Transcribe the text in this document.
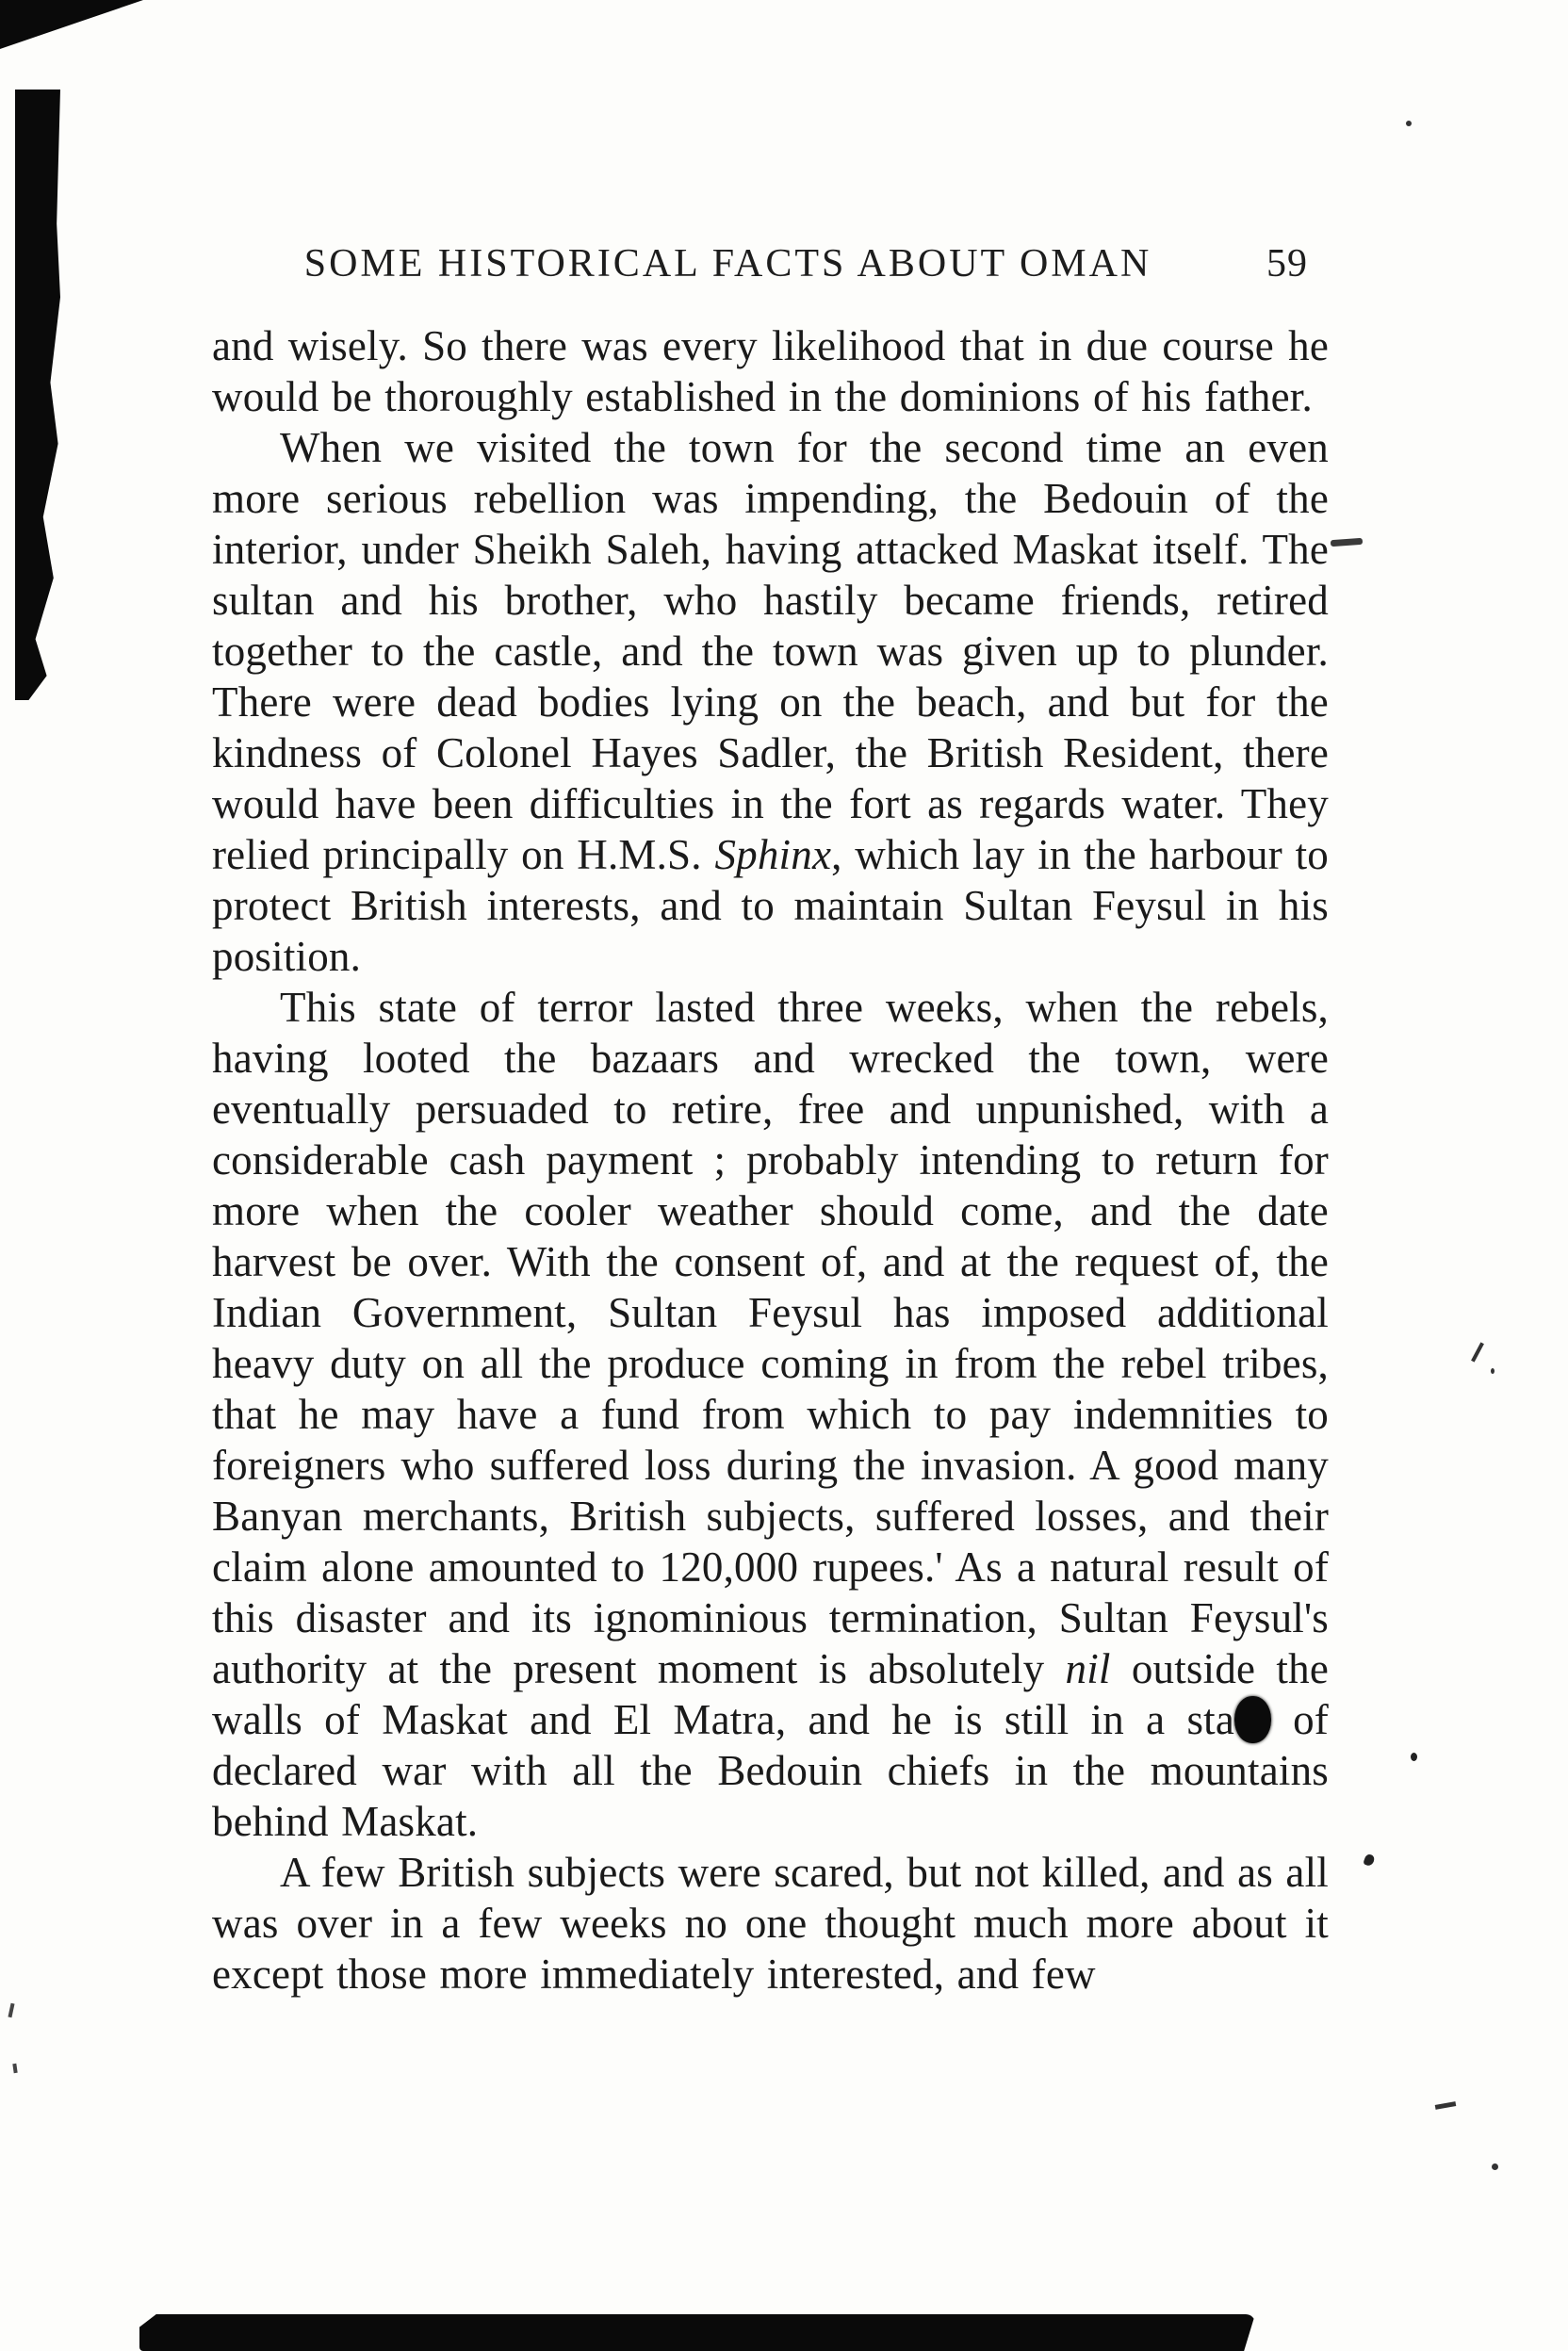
SOME HISTORICAL FACTS ABOUT OMAN	59

and wisely. So there was every likelihood that in due course he would be thoroughly established in the dominions of his father.

When we visited the town for the second time an even more serious rebellion was impending, the Bedouin of the interior, under Sheikh Saleh, having attacked Maskat itself. The sultan and his brother, who hastily became friends, retired together to the castle, and the town was given up to plunder. There were dead bodies lying on the beach, and but for the kindness of Colonel Hayes Sadler, the British Resident, there would have been difficulties in the fort as regards water. They relied principally on H.M.S. Sphinx, which lay in the harbour to protect British interests, and to maintain Sultan Feysul in his position.

This state of terror lasted three weeks, when the rebels, having looted the bazaars and wrecked the town, were eventually persuaded to retire, free and unpunished, with a considerable cash payment ; probably intending to return for more when the cooler weather should come, and the date harvest be over. With the consent of, and at the request of, the Indian Government, Sultan Feysul has imposed additional heavy duty on all the produce coming in from the rebel tribes, that he may have a fund from which to pay indemnities to foreigners who suffered loss during the invasion. A good many Banyan merchants, British subjects, suffered losses, and their claim alone amounted to 120,000 rupees.' As a natural result of this disaster and its ignominious termination, Sultan Feysul's authority at the present moment is absolutely nil outside the walls of Maskat and El Matra, and he is still in a sta of declared war with all the Bedouin chiefs in the mountains behind Maskat.

A few British subjects were scared, but not killed, and as all was over in a few weeks no one thought much more about it except those more immediately interested, and few
